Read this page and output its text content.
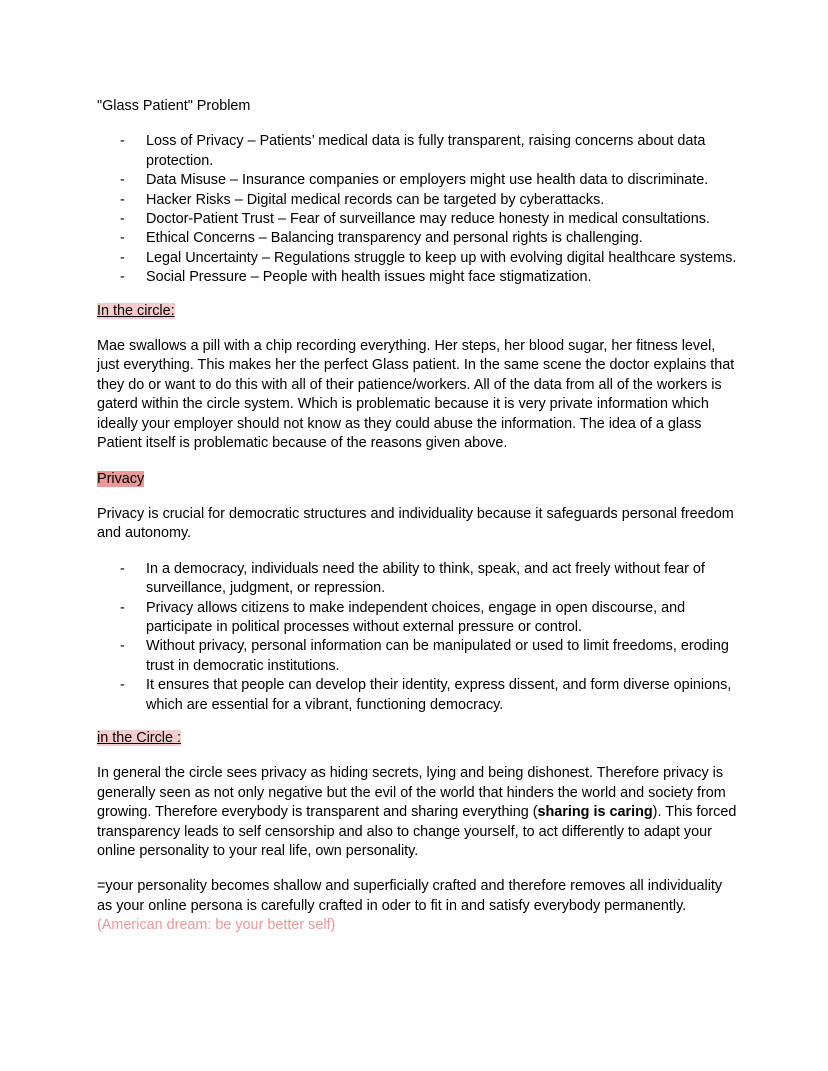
"Glass Patient" Problem

- Loss of Privacy – Patients’ medical data is fully transparent, raising concerns about data protection.
- Data Misuse – Insurance companies or employers might use health data to discriminate.
- Hacker Risks – Digital medical records can be targeted by cyberattacks.
- Doctor-Patient Trust – Fear of surveillance may reduce honesty in medical consultations.
- Ethical Concerns – Balancing transparency and personal rights is challenging.
- Legal Uncertainty – Regulations struggle to keep up with evolving digital healthcare systems.
- Social Pressure – People with health issues might face stigmatization.

In the circle:

Mae swallows a pill with a chip recording everything. Her steps, her blood sugar, her fitness level, just everything. This makes her the perfect Glass patient. In the same scene the doctor explains that they do or want to do this with all of their patience/workers. All of the data from all of the workers is gaterd within the circle system. Which is problematic because it is very private information which ideally your employer should not know as they could abuse the information. The idea of a glass Patient itself is problematic because of the reasons given above.

Privacy

Privacy is crucial for democratic structures and individuality because it safeguards personal freedom and autonomy.

- In a democracy, individuals need the ability to think, speak, and act freely without fear of surveillance, judgment, or repression.
- Privacy allows citizens to make independent choices, engage in open discourse, and participate in political processes without external pressure or control.
- Without privacy, personal information can be manipulated or used to limit freedoms, eroding trust in democratic institutions.
- It ensures that people can develop their identity, express dissent, and form diverse opinions, which are essential for a vibrant, functioning democracy.

in the Circle :

In general the circle sees privacy as hiding secrets, lying and being dishonest. Therefore privacy is generally seen as not only negative but the evil of the world that hinders the world and society from growing. Therefore everybody is transparent and sharing everything (sharing is caring). This forced transparency leads to self censorship and also to change yourself, to act differently to adapt your online personality to your real life, own personality.

=your personality becomes shallow and superficially crafted and therefore removes all individuality as your online persona is carefully crafted in oder to fit in and satisfy everybody permanently. (American dream: be your better self)
